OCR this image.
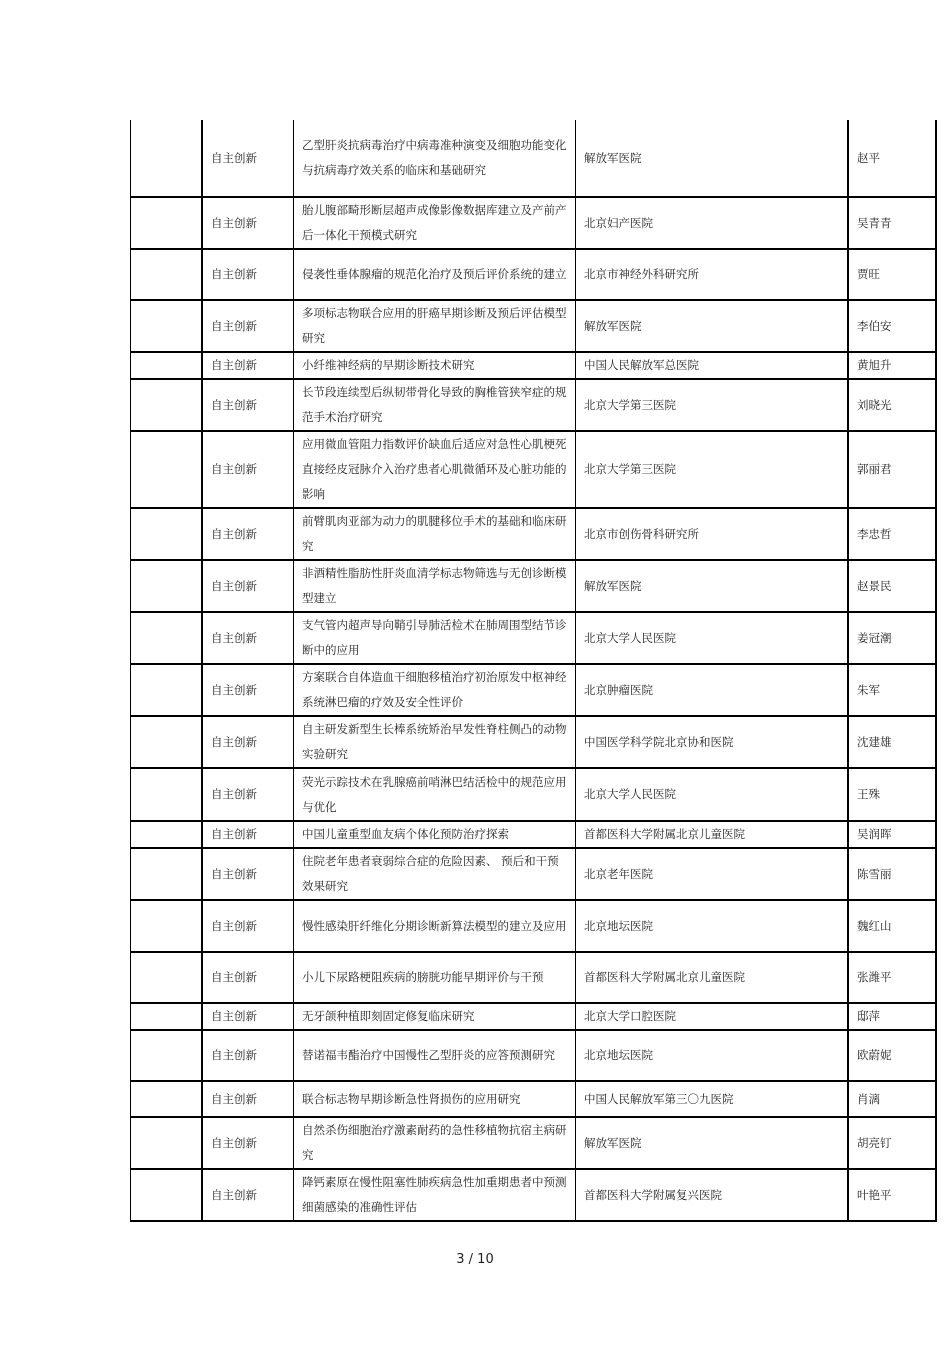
	自主创新	乙型肝炎抗病毒治疗中病毒准种演变及细胞功能变化与抗病毒疗效关系的临床和基础研究	解放军医院	赵平
	自主创新	胎儿腹部畸形断层超声成像影像数据库建立及产前产后一体化干预模式研究	北京妇产医院	吴青青
	自主创新	侵袭性垂体腺瘤的规范化治疗及预后评价系统的建立	北京市神经外科研究所	贾旺
	自主创新	多项标志物联合应用的肝癌早期诊断及预后评估模型研究	解放军医院	李伯安
	自主创新	小纤维神经病的早期诊断技术研究	中国人民解放军总医院	黄旭升
	自主创新	长节段连续型后纵韧带骨化导致的胸椎管狭窄症的规范手术治疗研究	北京大学第三医院	刘晓光
	自主创新	应用微血管阻力指数评价缺血后适应对急性心肌梗死直接经皮冠脉介入治疗患者心肌微循环及心脏功能的影响	北京大学第三医院	郭丽君
	自主创新	前臂肌肉亚部为动力的肌腱移位手术的基础和临床研究	北京市创伤骨科研究所	李忠哲
	自主创新	非酒精性脂肪性肝炎血清学标志物筛选与无创诊断模型建立	解放军医院	赵景民
	自主创新	支气管内超声导向鞘引导肺活检术在肺周围型结节诊断中的应用	北京大学人民医院	姜冠潮
	自主创新	方案联合自体造血干细胞移植治疗初治原发中枢神经系统淋巴瘤的疗效及安全性评价	北京肿瘤医院	朱军
	自主创新	自主研发新型生长棒系统矫治早发性脊柱侧凸的动物实验研究	中国医学科学院北京协和医院	沈建雄
	自主创新	荧光示踪技术在乳腺癌前哨淋巴结活检中的规范应用与优化	北京大学人民医院	王殊
	自主创新	中国儿童重型血友病个体化预防治疗探索	首都医科大学附属北京儿童医院	吴润晖
	自主创新	住院老年患者衰弱综合症的危险因素、 预后和干预效果研究	北京老年医院	陈雪丽
	自主创新	慢性感染肝纤维化分期诊断新算法模型的建立及应用	北京地坛医院	魏红山
	自主创新	小儿下尿路梗阻疾病的膀胱功能早期评价与干预	首都医科大学附属北京儿童医院	张潍平
	自主创新	无牙颌种植即刻固定修复临床研究	北京大学口腔医院	邸萍
	自主创新	替诺福韦酯治疗中国慢性乙型肝炎的应答预测研究	北京地坛医院	欧蔚妮
	自主创新	联合标志物早期诊断急性肾损伤的应用研究	中国人民解放军第三〇九医院	肖漓
	自主创新	自然杀伤细胞治疗激素耐药的急性移植物抗宿主病研究	解放军医院	胡亮钉
	自主创新	降钙素原在慢性阻塞性肺疾病急性加重期患者中预测细菌感染的准确性评估	首都医科大学附属复兴医院	叶艳平
3 / 10
